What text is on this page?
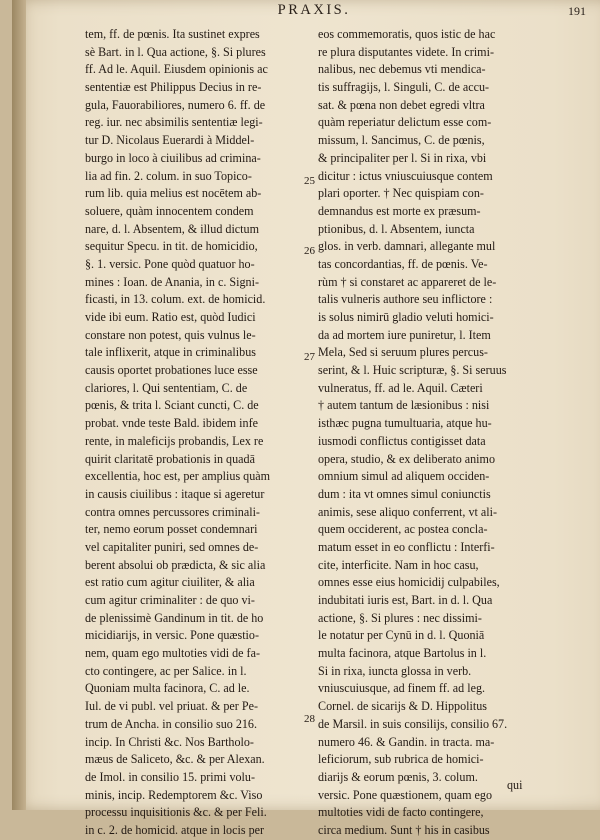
PRAXIS.	191
tem, ff. de pœnis. Ita sustinet expres
sè Bart. in l. Qua actione, §. Si plures
ff. Ad le. Aquil. Eiusdem opinionis ac
sententiæ est Philippus Decius in re-
gula, Fauorabiliores, numero 6. ff. de
reg. iur. nec absimilis sententiæ legi-
tur D. Nicolaus Euerardi à Middel-
burgo in loco à ciuilibus ad crimina-
lia ad fin. 2. colum. in suo Topico-
rum lib. quia melius est nocētem ab-
soluere, quàm innocentem condem
nare, d. l. Absentem, & illud dictum
sequitur Specu. in tit. de homicidio,
§. 1. versic. Pone quòd quatuor ho-
mines : Ioan. de Anania, in c. Signi-
ficasti, in 13. colum. ext. de homicid.
vide ibi eum. Ratio est, quòd Iudici
constare non potest, quis vulnus le-
tale inflixerit, atque in criminalibus
causis oportet probationes luce esse
clariores, l. Qui sententiam, C. de
pœnis, & trita l. Sciant cuncti, C. de
probat. vnde teste Bald. ibidem infe
rente, in maleficijs probandis, Lex re
quirit claritatē probationis in quadā
excellentia, hoc est, per amplius quàm
in causis ciuilibus : itaque si ageretur
contra omnes percussores criminali-
ter, nemo eorum posset condemnari
vel capitaliter puniri, sed omnes de-
berent absolui ob prædicta, & sic alia
est ratio cum agitur ciuiliter, & alia
cum agitur criminaliter : de quo vi-
de plenissimè Gandinum in tit. de ho
micidiarijs, in versic. Pone quæstio-
nem, quam ego multoties vidi de fa-
cto contingere, ac per Salice. in l.
Quoniam multa facinora, C. ad le.
Iul. de vi publ. vel priuat. & per Pe-
trum de Ancha. in consilio suo 216.
incip. In Christi &c. Nos Bartholo-
mæus de Saliceto, &c. & per Alexan.
de Imol. in consilio 15. primi volu-
minis, incip. Redemptorem &c. Viso
processu inquisitionis &c. & per Feli.
in c. 2. de homicid. atque in locis per
eos commemoratis, quos istic de hac
re plura disputantes videte. In crimi-
nalibus, nec debemus vti mendica-
tis suffragijs, l. Singuli, C. de accu-
sat. & pœna non debet egredi vltra
quàm reperiatur delictum esse com-
missum, l. Sancimus, C. de pœnis,
& principaliter per l. Si in rixa, vbi
dicitur : ictus vniuscuiusque contem
plari oporter. † Nec quispiam con-
demnandus est morte ex præsum-
ptionibus, d. l. Absentem, iuncta
glos. in verb. damnari, allegante mul
tas concordantias, ff. de pœnis. Ve-
rùm † si constaret ac appareret de le-
talis vulneris authore seu inflictore :
is solus nimirū gladio veluti homici-
da ad mortem iure puniretur, l. Item
Mela, Sed si seruum plures percus-
serint, & l. Huic scripturæ, §. Si seruus
vulneratus, ff. ad le. Aquil. Cæteri
† autem tantum de læsionibus : nisi
isthæc pugna tumultuaria, atque hu-
iusmodi conflictus contigisset data
opera, studio, & ex deliberato animo
omnium simul ad aliquem occiden-
dum : ita vt omnes simul coniunctis
animis, sese aliquo conferrent, vt ali-
quem occiderent, ac postea concla-
matum esset in eo conflictu : Interfi-
cite, interficite. Nam in hoc casu,
omnes esse eius homicidij culpabiles,
indubitati iuris est, Bart. in d. l. Qua
actione, §. Si plures : nec dissimi-
le notatur per Cynū in d. l. Quoniā
multa facinora, atque Bartolus in l.
Si in rixa, iuncta glossa in verb.
vniuscuiusque, ad finem ff. ad leg.
Cornel. de sicarijs & D. Hippolitus
de Marsil. in suis consilijs, consilio 67.
numero 46. & Gandin. in tracta. ma-
leficiorum, sub rubrica de homici-
diarijs & eorum pœnis, 3. colum.
versic. Pone quæstionem, quam ego
multoties vidi de facto contingere,
circa medium. Sunt † his in casibus
25
26
27
28
qui
